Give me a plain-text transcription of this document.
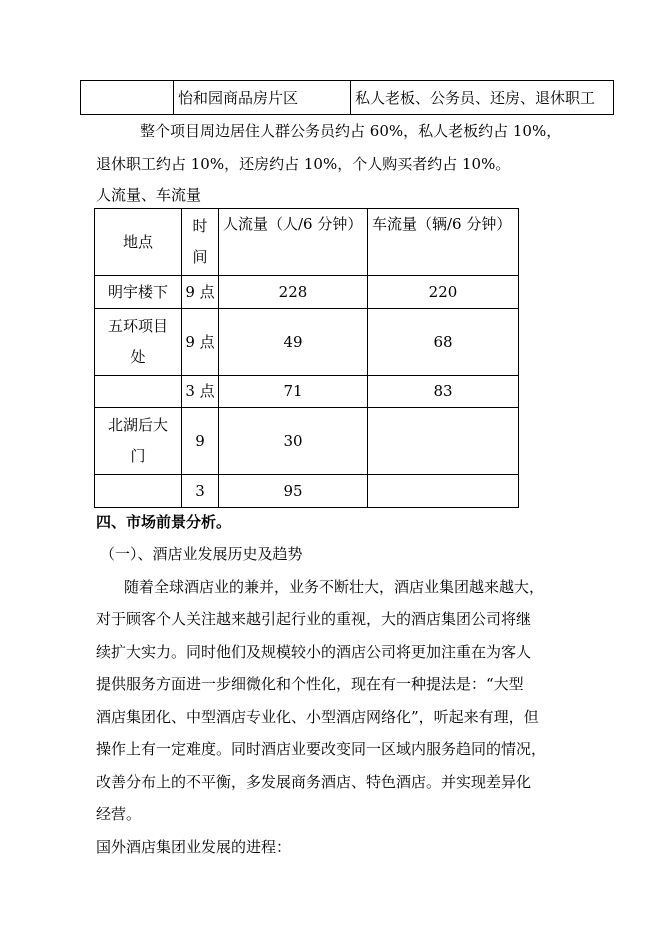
	怡和园商品房片区	私人老板、公务员、还房、退休职工
整个项目周边居住人群公务员约占 60%，私人老板约占 10%，
退休职工约占 10%，还房约占 10%，个人购买者约占 10%。
人流量、车流量
地点	时间	人流量（人/6 分钟）	车流量（辆/6 分钟）
明宇楼下	9 点	228	220

五环项目处	9 点	49	68
	3 点	71	83

北湖后大门	9	30	
	3	95	
四、市场前景分析。
（一）、酒店业发展历史及趋势
随着全球酒店业的兼并，业务不断壮大，酒店业集团越来越大，
对于顾客个人关注越来越引起行业的重视，大的酒店集团公司将继
续扩大实力。同时他们及规模较小的酒店公司将更加注重在为客人
提供服务方面进一步细微化和个性化，现在有一种提法是：“大型
酒店集团化、中型酒店专业化、小型酒店网络化”，听起来有理，但
操作上有一定难度。同时酒店业要改变同一区域内服务趋同的情况，
改善分布上的不平衡，多发展商务酒店、特色酒店。并实现差异化
经营。
国外酒店集团业发展的进程：
